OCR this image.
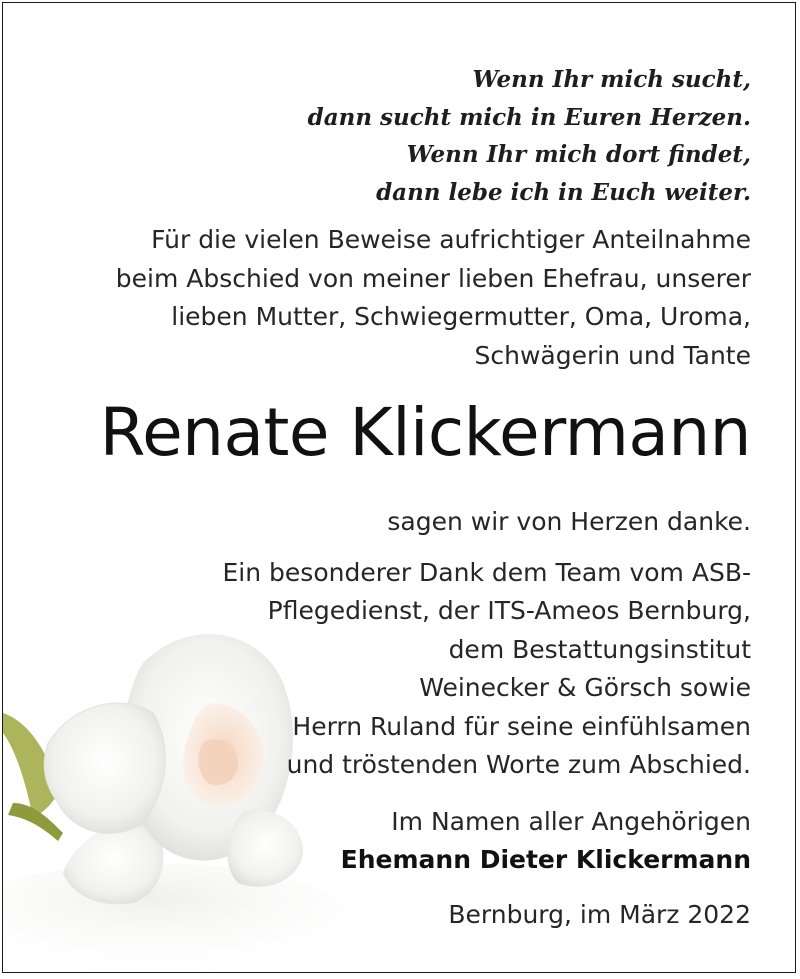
Wenn Ihr mich sucht,
dann sucht mich in Euren Herzen.
Wenn Ihr mich dort findet,
dann lebe ich in Euch weiter.
Für die vielen Beweise aufrichtiger Anteilnahme
beim Abschied von meiner lieben Ehefrau, unserer
lieben Mutter, Schwiegermutter, Oma, Uroma,
Schwägerin und Tante
Renate Klickermann
sagen wir von Herzen danke.
Ein besonderer Dank dem Team vom ASB-
Pflegedienst, der ITS-Ameos Bernburg,
dem Bestattungsinstitut
Weinecker & Görsch sowie
Herrn Ruland für seine einfühlsamen
und tröstenden Worte zum Abschied.
Im Namen aller Angehörigen
Ehemann Dieter Klickermann
Bernburg, im März 2022
